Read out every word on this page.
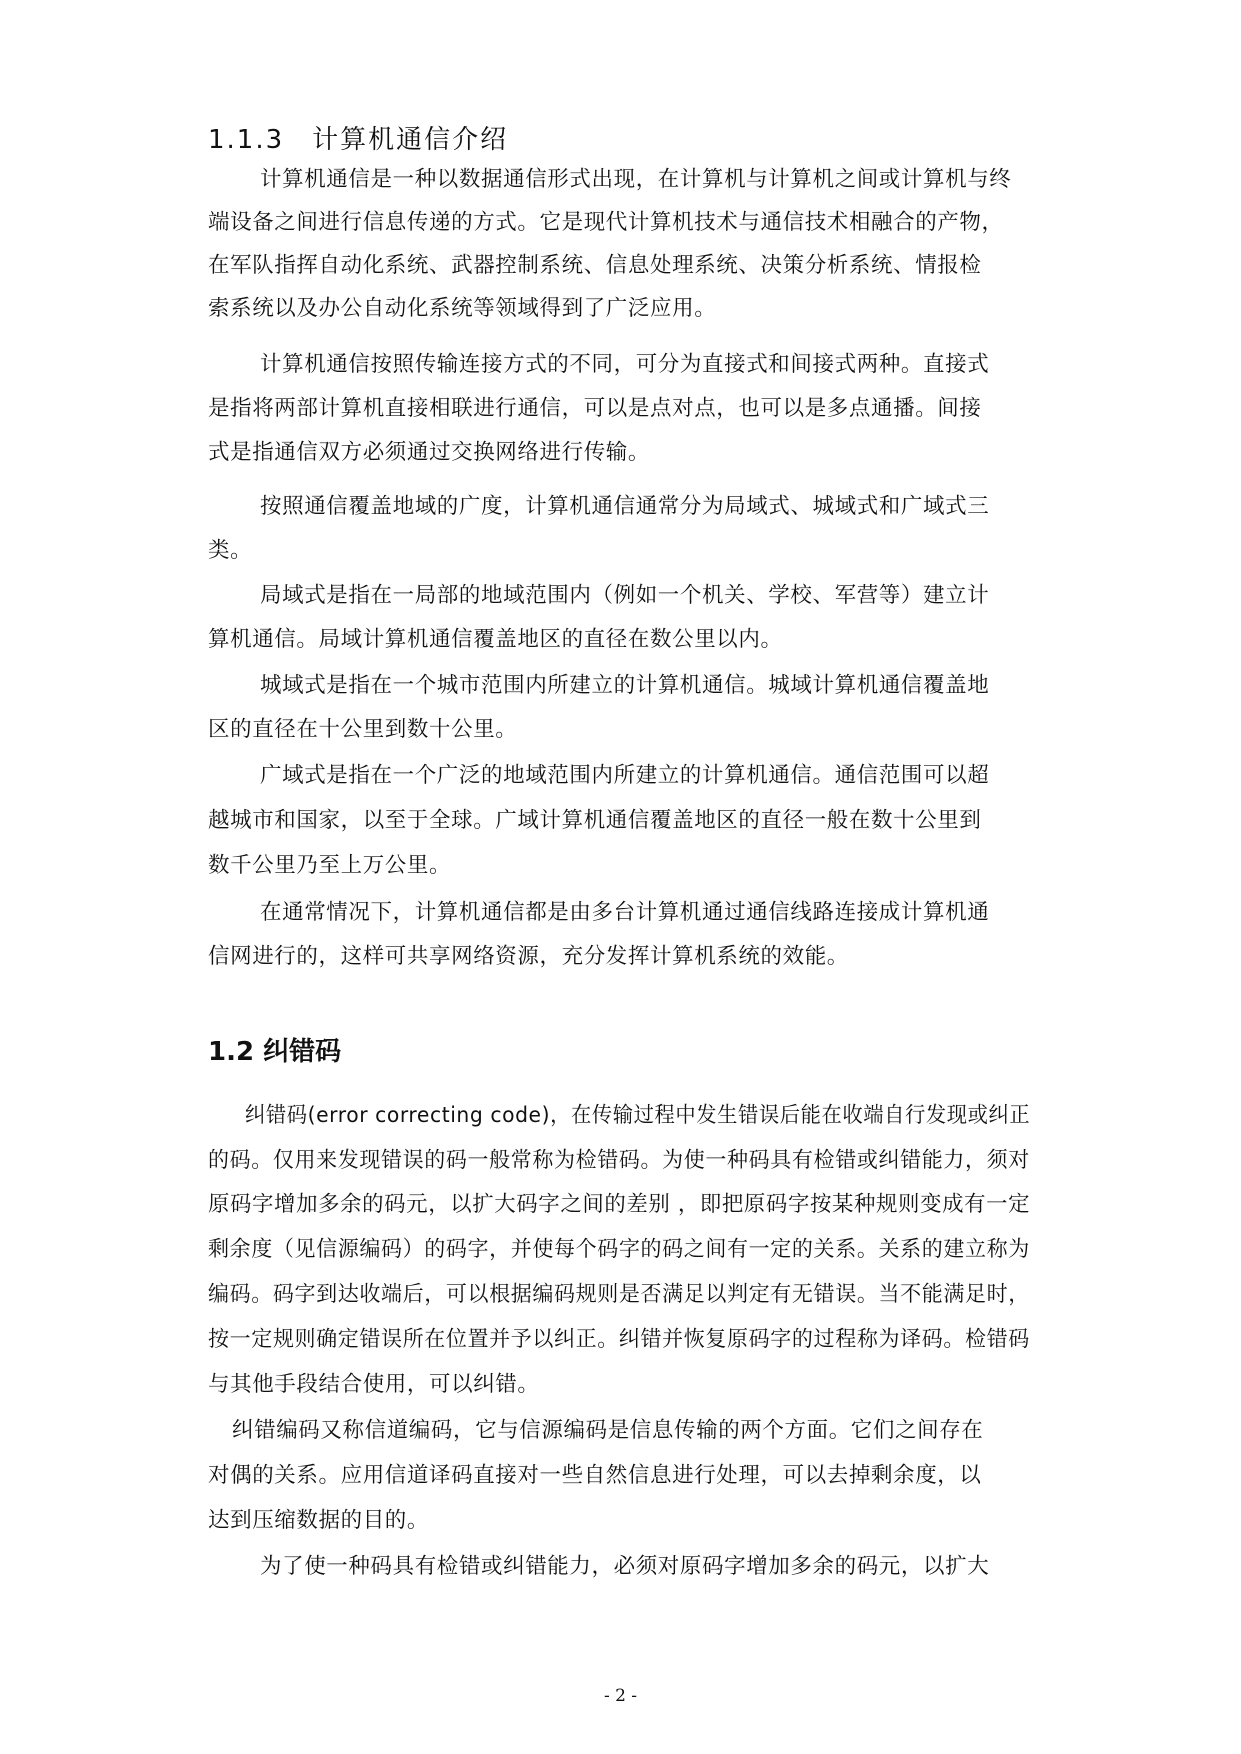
1.1.3　计算机通信介绍
计算机通信是一种以数据通信形式出现，在计算机与计算机之间或计算机与终
端设备之间进行信息传递的方式。它是现代计算机技术与通信技术相融合的产物，
在军队指挥自动化系统、武器控制系统、信息处理系统、决策分析系统、情报检
索系统以及办公自动化系统等领域得到了广泛应用。
计算机通信按照传输连接方式的不同，可分为直接式和间接式两种。直接式
是指将两部计算机直接相联进行通信，可以是点对点，也可以是多点通播。间接
式是指通信双方必须通过交换网络进行传输。
按照通信覆盖地域的广度，计算机通信通常分为局域式、城域式和广域式三
类。
局域式是指在一局部的地域范围内（例如一个机关、学校、军营等）建立计
算机通信。局域计算机通信覆盖地区的直径在数公里以内。
城域式是指在一个城市范围内所建立的计算机通信。城域计算机通信覆盖地
区的直径在十公里到数十公里。
广域式是指在一个广泛的地域范围内所建立的计算机通信。通信范围可以超
越城市和国家，以至于全球。广域计算机通信覆盖地区的直径一般在数十公里到
数千公里乃至上万公里。
在通常情况下，计算机通信都是由多台计算机通过通信线路连接成计算机通
信网进行的，这样可共享网络资源，充分发挥计算机系统的效能。
1.2 纠错码
纠错码(error correcting code)，在传输过程中发生错误后能在收端自行发现或纠正
的码。仅用来发现错误的码一般常称为检错码。为使一种码具有检错或纠错能力，须对
原码字增加多余的码元，以扩大码字之间的差别 ，即把原码字按某种规则变成有一定
剩余度（见信源编码）的码字，并使每个码字的码之间有一定的关系。关系的建立称为
编码。码字到达收端后，可以根据编码规则是否满足以判定有无错误。当不能满足时，
按一定规则确定错误所在位置并予以纠正。纠错并恢复原码字的过程称为译码。检错码
与其他手段结合使用，可以纠错。
纠错编码又称信道编码，它与信源编码是信息传输的两个方面。它们之间存在
对偶的关系。应用信道译码直接对一些自然信息进行处理，可以去掉剩余度，以
达到压缩数据的目的。
为了使一种码具有检错或纠错能力，必须对原码字增加多余的码元，以扩大
- 2 -
